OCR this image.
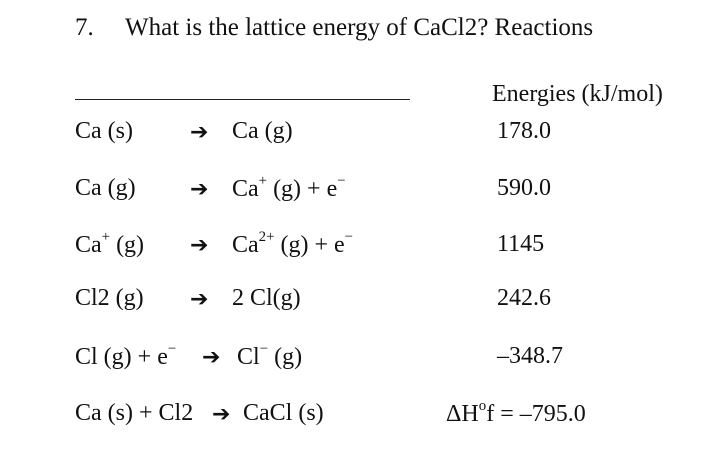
7. What is the lattice energy of CaCl2? Reactions
Energies (kJ/mol)
Ca (s)	➔ Ca (g)	178.0
Ca (g) ➔ Ca+ (g) + e−	590.0
Ca+ (g) ➔ $Ca^{2+}$ (g) + e−	1145
Cl2 (g) ➔ 2 Cl(g)	242.6
Cl (g) + e− ➔ Cl− (g)	–348.7
Ca (s) + Cl2 ➔ CaCl (s)	$\Delta H^of = -795.0$
